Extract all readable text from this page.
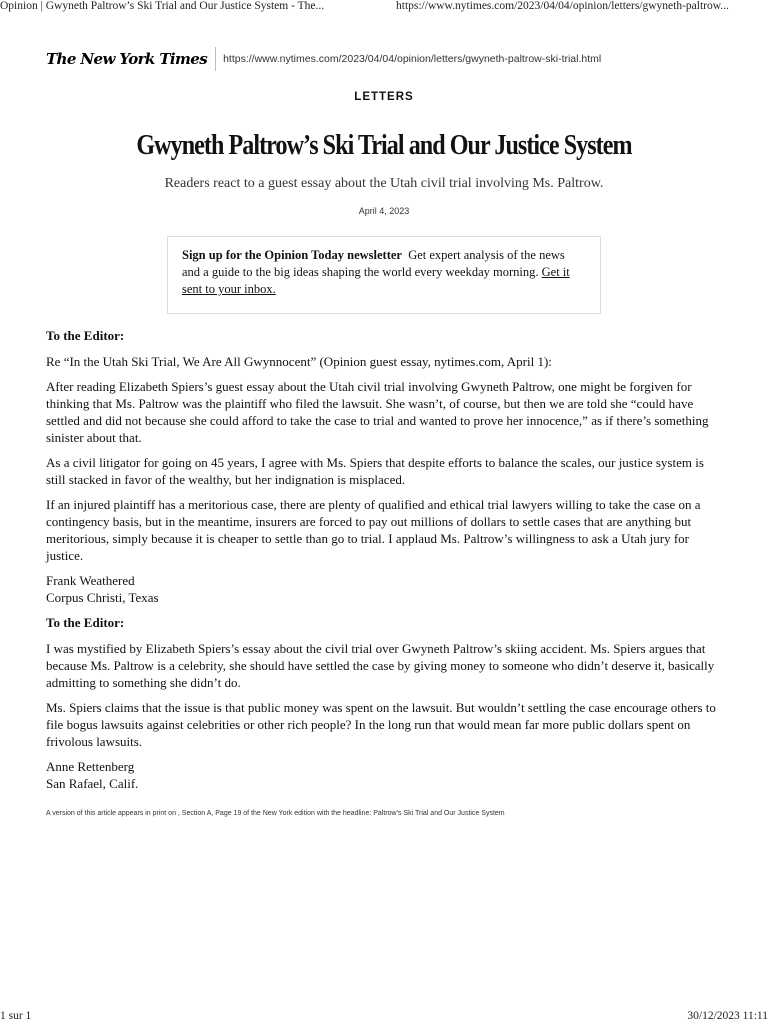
Opinion | Gwyneth Paltrow’s Ski Trial and Our Justice System - The...	https://www.nytimes.com/2023/04/04/opinion/letters/gwyneth-paltrow...
The New York Times	https://www.nytimes.com/2023/04/04/opinion/letters/gwyneth-paltrow-ski-trial.html
LETTERS
Gwyneth Paltrow’s Ski Trial and Our Justice System
Readers react to a guest essay about the Utah civil trial involving Ms. Paltrow.
April 4, 2023
Sign up for the Opinion Today newsletter Get expert analysis of the news and a guide to the big ideas shaping the world every weekday morning. Get it sent to your inbox.

To the Editor:

Re “In the Utah Ski Trial, We Are All Gwynnocent” (Opinion guest essay, nytimes.com, April 1):

After reading Elizabeth Spiers’s guest essay about the Utah civil trial involving Gwyneth Paltrow, one might be forgiven for thinking that Ms. Paltrow was the plaintiff who filed the lawsuit. She wasn’t, of course, but then we are told she “could have settled and did not because she could afford to take the case to trial and wanted to prove her innocence,” as if there’s something sinister about that.

As a civil litigator for going on 45 years, I agree with Ms. Spiers that despite efforts to balance the scales, our justice system is still stacked in favor of the wealthy, but her indignation is misplaced.

If an injured plaintiff has a meritorious case, there are plenty of qualified and ethical trial lawyers willing to take the case on a contingency basis, but in the meantime, insurers are forced to pay out millions of dollars to settle cases that are anything but meritorious, simply because it is cheaper to settle than go to trial. I applaud Ms. Paltrow’s willingness to ask a Utah jury for justice.

Frank Weathered
Corpus Christi, Texas

To the Editor:

I was mystified by Elizabeth Spiers’s essay about the civil trial over Gwyneth Paltrow’s skiing accident. Ms. Spiers argues that because Ms. Paltrow is a celebrity, she should have settled the case by giving money to someone who didn’t deserve it, basically admitting to something she didn’t do.

Ms. Spiers claims that the issue is that public money was spent on the lawsuit. But wouldn’t settling the case encourage others to file bogus lawsuits against celebrities or other rich people? In the long run that would mean far more public dollars spent on frivolous lawsuits.

Anne Rettenberg
San Rafael, Calif.

A version of this article appears in print on , Section A, Page 19 of the New York edition with the headline: Paltrow’s Ski Trial and Our Justice System
1 sur 1	30/12/2023 11:11
